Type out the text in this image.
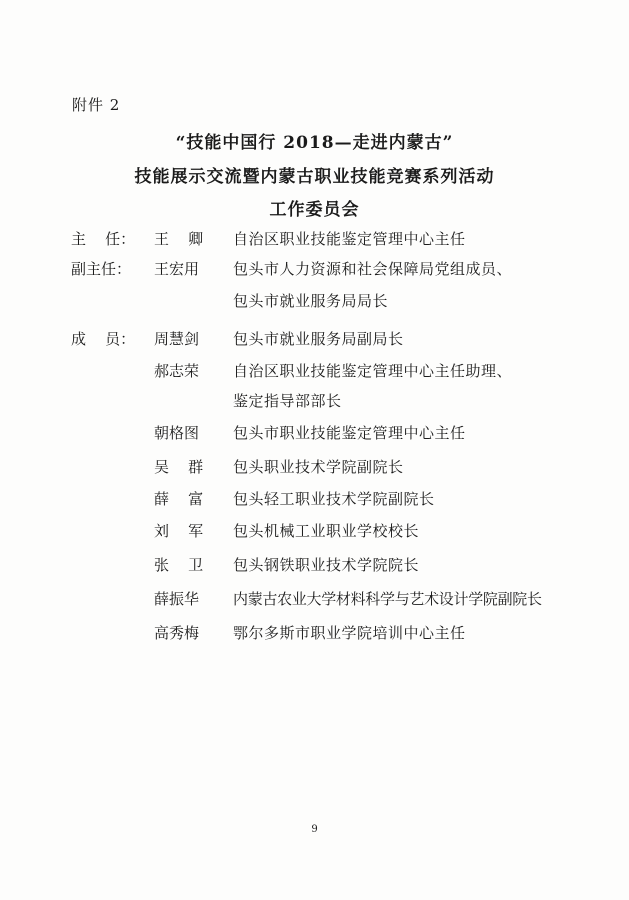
附件 2
“技能中国行 2018—走进内蒙古”
技能展示交流暨内蒙古职业技能竞赛系列活动
工作委员会
主    任：	王    卿	自治区职业技能鉴定管理中心主任
副主任：	王宏用	包头市人力资源和社会保障局党组成员、
包头市就业服务局局长
成    员：	周慧剑	包头市就业服务局副局长
郝志荣	自治区职业技能鉴定管理中心主任助理、
鉴定指导部部长
朝格图	包头市职业技能鉴定管理中心主任
吴    群	包头职业技术学院副院长
薛    富	包头轻工职业技术学院副院长
刘    军	包头机械工业职业学校校长
张    卫	包头钢铁职业技术学院院长
薛振华	内蒙古农业大学材料科学与艺术设计学院副院长
高秀梅	鄂尔多斯市职业学院培训中心主任
9
